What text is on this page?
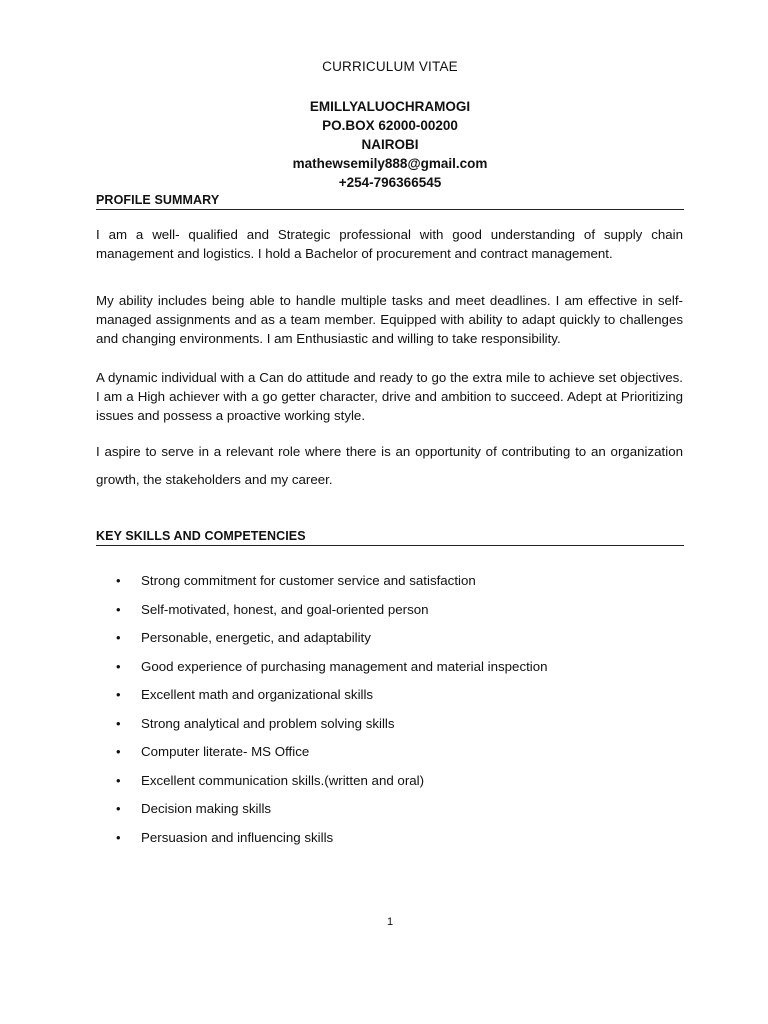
CURRICULUM VITAE
EMILLYALUOCHRAMOGI
PO.BOX 62000-00200
NAIROBI
mathewsemily888@gmail.com
+254-796366545
PROFILE SUMMARY

I am a well- qualified and Strategic professional with good understanding of supply chain management and logistics. I hold a Bachelor of procurement and contract management.

My ability includes being able to handle multiple tasks and meet deadlines. I am effective in self-managed assignments and as a team member. Equipped with ability to adapt quickly to challenges and changing environments. I am Enthusiastic and willing to take responsibility.

A dynamic individual with a Can do attitude and ready to go the extra mile to achieve set objectives. I am a High achiever with a go getter character, drive and ambition to succeed. Adept at Prioritizing issues and possess a proactive working style.

I aspire to serve in a relevant role where there is an opportunity of contributing to an organization growth, the stakeholders and my career.

KEY SKILLS AND COMPETENCIES
• Strong commitment for customer service and satisfaction
• Self-motivated, honest, and goal-oriented person
• Personable, energetic, and adaptability
• Good experience of purchasing management and material inspection
• Excellent math and organizational skills
• Strong analytical and problem solving skills
• Computer literate- MS Office
• Excellent communication skills.(written and oral)
• Decision making skills
• Persuasion and influencing skills
1
